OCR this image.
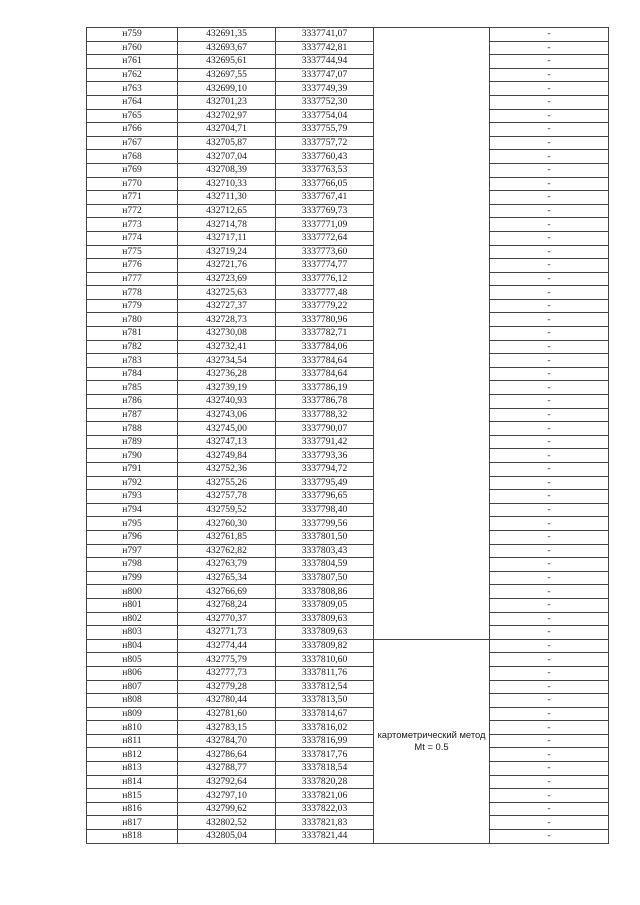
н759	432691,35	3337741,07		-
н760	432693,67	3337742,81		-
н761	432695,61	3337744,94		-
н762	432697,55	3337747,07		-
н763	432699,10	3337749,39		-
н764	432701,23	3337752,30		-
н765	432702,97	3337754,04		-
н766	432704,71	3337755,79		-
н767	432705,87	3337757,72		-
н768	432707,04	3337760,43		-
н769	432708,39	3337763,53		-
н770	432710,33	3337766,05		-
н771	432711,30	3337767,41		-
н772	432712,65	3337769,73		-
н773	432714,78	3337771,09		-
н774	432717,11	3337772,64		-
н775	432719,24	3337773,60		-
н776	432721,76	3337774,77		-
н777	432723,69	3337776,12		-
н778	432725,63	3337777,48		-
н779	432727,37	3337779,22		-
н780	432728,73	3337780,96		-
н781	432730,08	3337782,71		-
н782	432732,41	3337784,06		-
н783	432734,54	3337784,64		-
н784	432736,28	3337784,64		-
н785	432739,19	3337786,19		-
н786	432740,93	3337786,78		-
н787	432743,06	3337788,32		-
н788	432745,00	3337790,07		-
н789	432747,13	3337791,42		-
н790	432749,84	3337793,36		-
н791	432752,36	3337794,72		-
н792	432755,26	3337795,49		-
н793	432757,78	3337796,65		-
н794	432759,52	3337798,40		-
н795	432760,30	3337799,56		-
н796	432761,85	3337801,50		-
н797	432762,82	3337803,43		-
н798	432763,79	3337804,59		-
н799	432765,34	3337807,50		-
н800	432766,69	3337808,86		-
н801	432768,24	3337809,05		-
н802	432770,37	3337809,63		-
н803	432771,73	3337809,63		-
н804	432774,44	3337809,82	картометрический метод Mt = 0.5	-
н805	432775,79	3337810,60		-
н806	432777,73	3337811,76		-
н807	432779,28	3337812,54		-
н808	432780,44	3337813,50		-
н809	432781,60	3337814,67		-
н810	432783,15	3337816,02		-
н811	432784,70	3337816,99		-
н812	432786,64	3337817,76		-
н813	432788,77	3337818,54		-
н814	432792,64	3337820,28		-
н815	432797,10	3337821,06		-
н816	432799,62	3337822,03		-
н817	432802,52	3337821,83		-
н818	432805,04	3337821,44		-
